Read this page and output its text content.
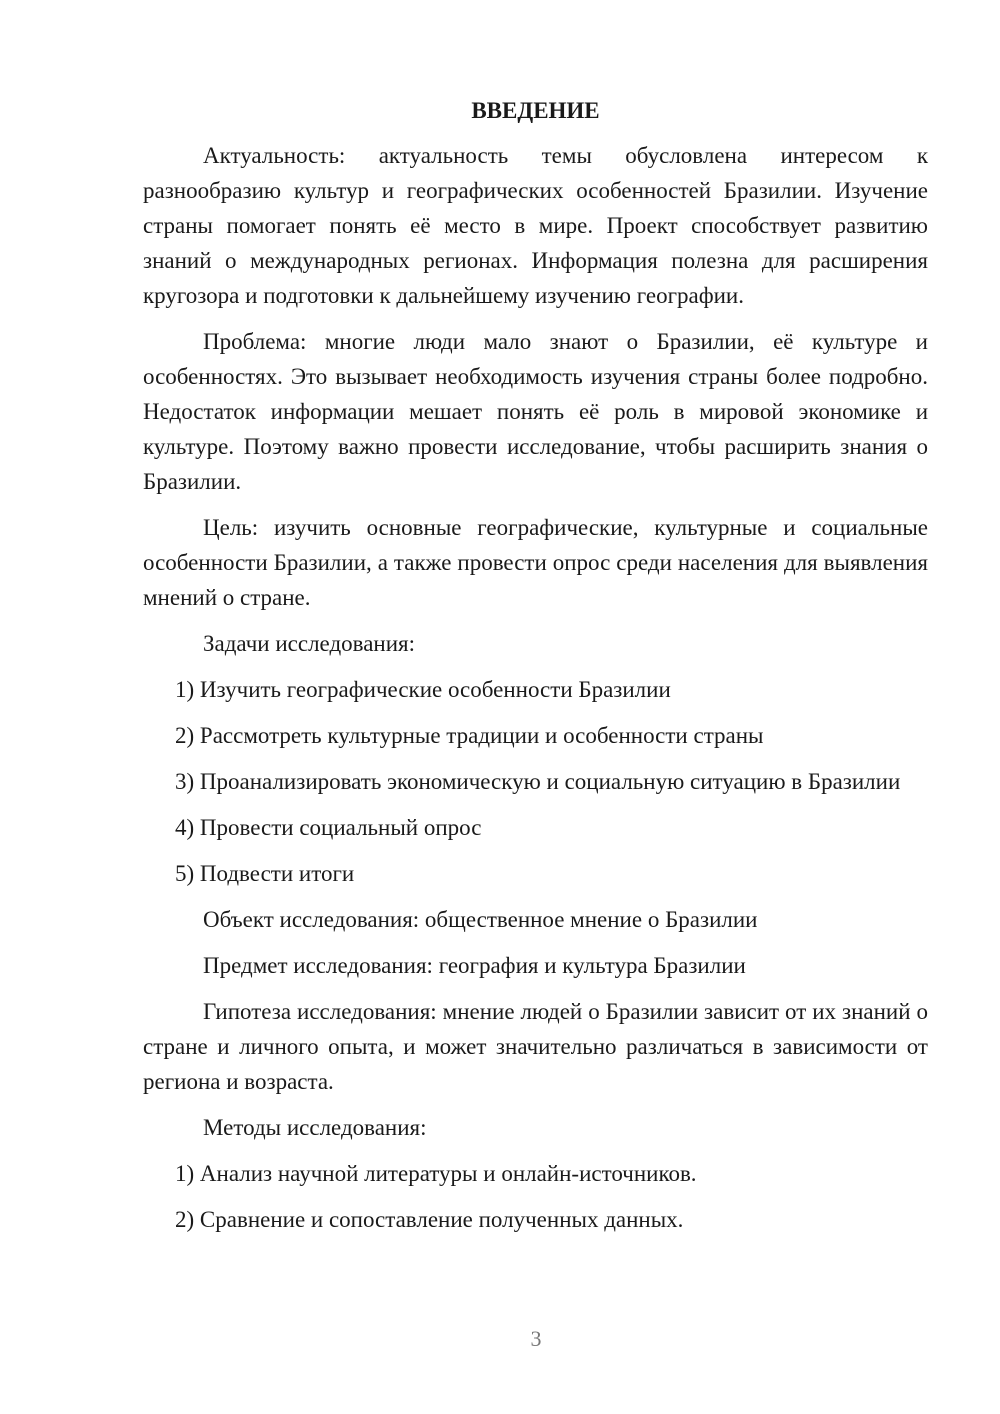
ВВЕДЕНИЕ

Актуальность: актуальность темы обусловлена интересом к разнообразию культур и географических особенностей Бразилии. Изучение страны помогает понять её место в мире. Проект способствует развитию знаний о международных регионах. Информация полезна для расширения кругозора и подготовки к дальнейшему изучению географии.

Проблема: многие люди мало знают о Бразилии, её культуре и особенностях. Это вызывает необходимость изучения страны более подробно. Недостаток информации мешает понять её роль в мировой экономике и культуре. Поэтому важно провести исследование, чтобы расширить знания о Бразилии.

Цель: изучить основные географические, культурные и социальные особенности Бразилии, а также провести опрос среди населения для выявления мнений о стране.

Задачи исследования:
1) Изучить географические особенности Бразилии
2) Рассмотреть культурные традиции и особенности страны
3) Проанализировать экономическую и социальную ситуацию в Бразилии
4) Провести социальный опрос
5) Подвести итоги
Объект исследования: общественное мнение о Бразилии
Предмет исследования: география и культура Бразилии

Гипотеза исследования: мнение людей о Бразилии зависит от их знаний о стране и личного опыта, и может значительно различаться в зависимости от региона и возраста.

Методы исследования:
1) Анализ научной литературы и онлайн-источников.
2) Сравнение и сопоставление полученных данных.
3
